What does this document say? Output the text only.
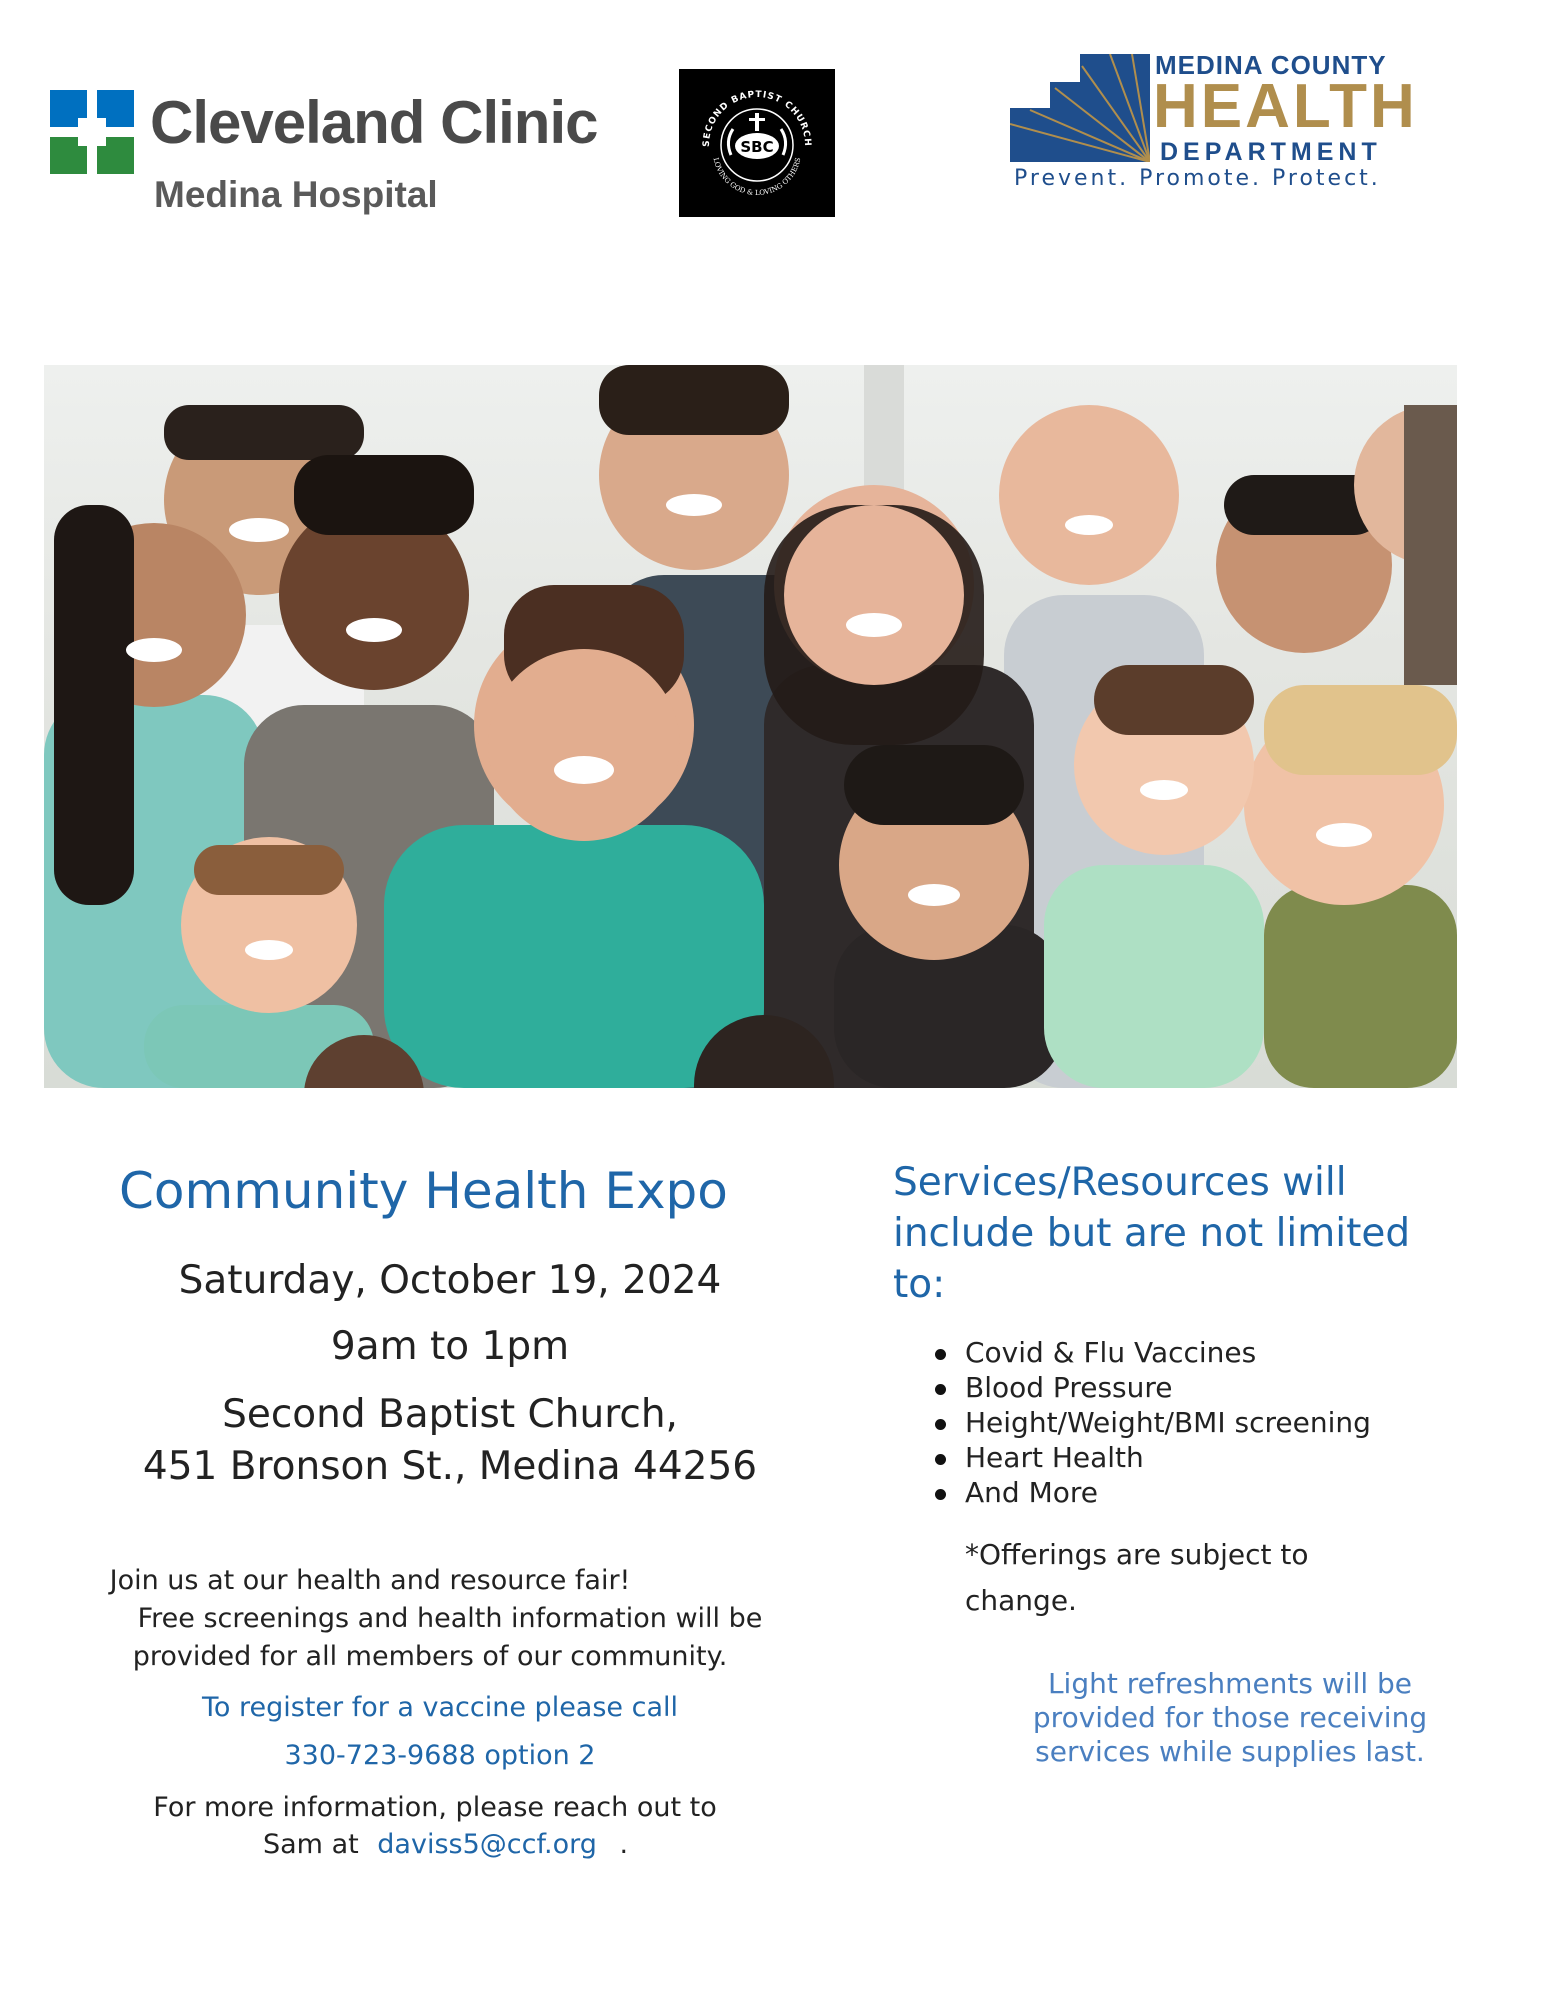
Cleveland Clinic
Medina Hospital
SECOND BAPTIST CHURCH
LOVING GOD & LOVING OTHERS
SBC
MEDINA COUNTY
HEALTH
DEPARTMENT
Prevent. Promote. Protect.
Community Health Expo
Saturday, October 19, 2024
9am to 1pm
Second Baptist Church,
451 Bronson St., Medina 44256
Join us at our health and resource fair!
Free screenings and health information will be
provided for all members of our community.
To register for a vaccine please call
330-723-9688 option 2
For more information, please reach out to
Sam at daviss5@ccf.org .
Services/Resources will include but are not limited to:
Covid & Flu Vaccines
Blood Pressure
Height/Weight/BMI screening
Heart Health
And More
*Offerings are subject to change.
Light refreshments will be provided for those receiving services while supplies last.
